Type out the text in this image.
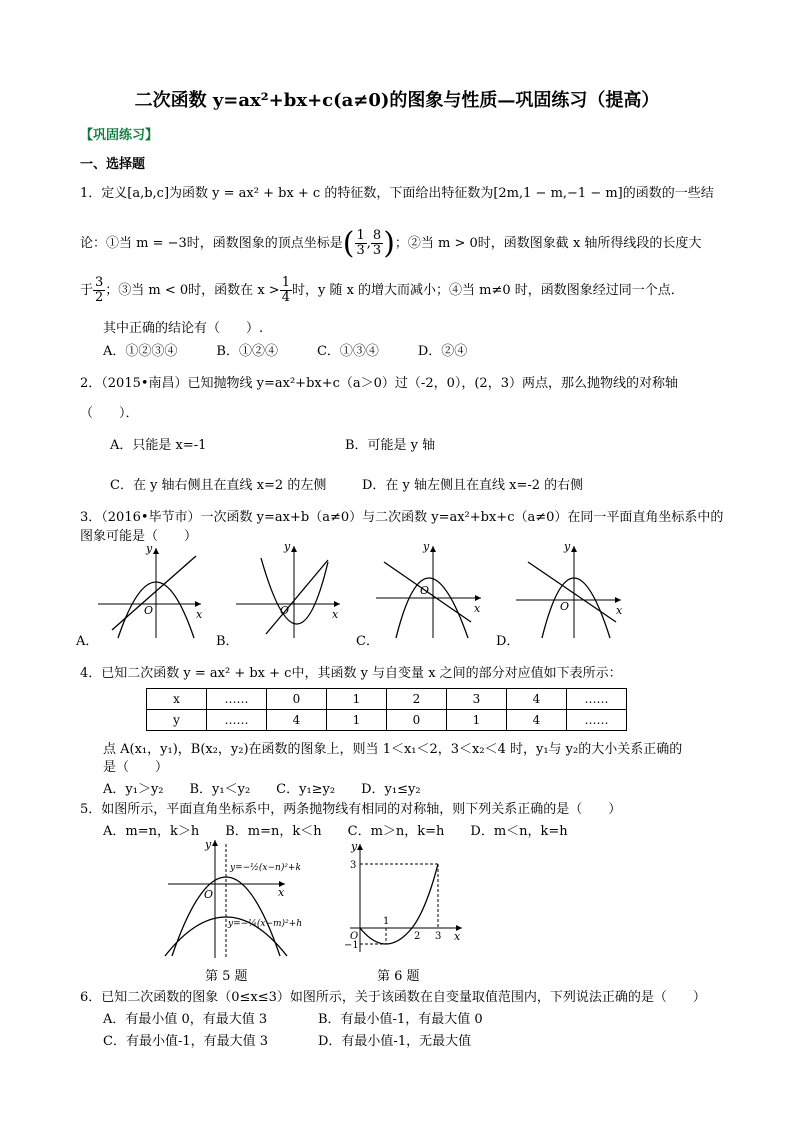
二次函数 y=ax²+bx+c(a≠0)的图象与性质—巩固练习（提高）
【巩固练习】
一、选择题
1．定义[a,b,c]为函数 y = ax² + bx + c 的特征数，下面给出特征数为[2m,1 − m,−1 − m]的函数的一些结
论：①当 m = −3时，函数图象的顶点坐标是( $\frac{1}{3}$ , $\frac{8}{3}$ )；②当 m > 0时，函数图象截 x 轴所得线段的长度大
于 $\frac{3}{2}$ ；③当 m < 0时，函数在 $x > \frac{1}{4}$ 时，y 随 x 的增大而减小；④当 m≠0 时，函数图象经过同一个点．
其中正确的结论有（　　）.
A．①②③④　　　B．①②④　　　C．①③④　　　D．②④
2．（2015•南昌）已知抛物线 y=ax²+bx+c（a＞0）过（-2，0），(2，3）两点，那么抛物线的对称轴
（　　）．
A．只能是 x=-1	B．可能是 y 轴
C．在 y 轴右侧且在直线 x=2 的左侧	D．在 y 轴左侧且在直线 x=-2 的右侧
3．（2016•毕节市）一次函数 y=ax+b（a≠0）与二次函数 y=ax²+bx+c（a≠0）在同一平面直角坐标系中的
图象可能是（　　）
O	x
y
A．
O	x
y
B．
O
x
y
C．
O	x
y
D．
4．已知二次函数 y = ax² + bx + c中，其函数 y 与自变量 x 之间的部分对应值如下表所示：
x	……	0	1	2	3	4	……
y	……	4	1	0	1	4	……
点 A(x₁，y₁)，B(x₂，y₂)在函数的图象上，则当 1＜x₁＜2，3＜x₂＜4 时，y₁与 y₂的大小关系正确的
是（　　）
A．y₁＞y₂　　B．y₁＜y₂　　C．y₁≥y₂　　D．y₁≤y₂
5．如图所示，平面直角坐标系中，两条抛物线有相同的对称轴，则下列关系正确的是（　　）
A．m=n，k＞h　　B．m=n，k＜h　　C．m＞n，k=h　　D．m＜n，k=h
O	x
y
y=−½(x−n)²+k
y=−¼(x−m)²+h
第 5 题
3
−1
1
2 3 x
y
O
第 6 题
6．已知二次函数的图象（0≤x≤3）如图所示，关于该函数在自变量取值范围内，下列说法正确的是（　　）
A．有最小值 0，有最大值 3	B．有最小值-1，有最大值 0
C．有最小值-1，有最大值 3	D．有最小值-1，无最大值
